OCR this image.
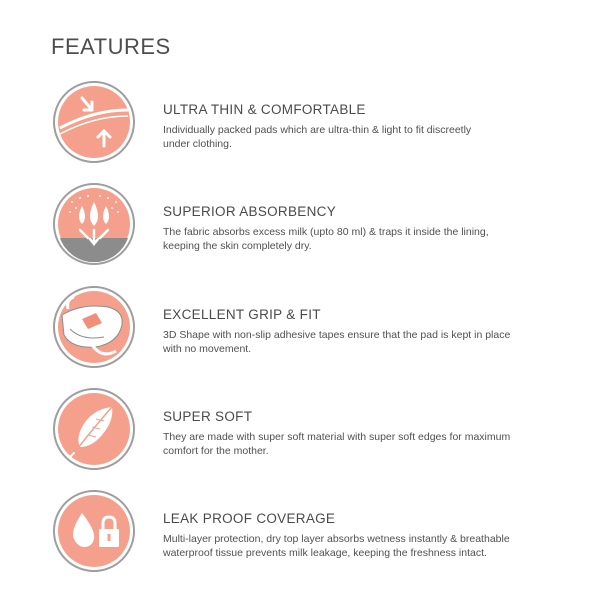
FEATURES
ULTRA THIN & COMFORTABLE
Individually packed pads which are ultra-thin & light to fit discreetly
under clothing.
SUPERIOR ABSORBENCY
The fabric absorbs excess milk (upto 80 ml) & traps it inside the lining,
keeping the skin completely dry.
EXCELLENT GRIP & FIT
3D Shape with non-slip adhesive tapes ensure that the pad is kept in place
with no movement.
SUPER SOFT
They are made with super soft material with super soft edges for maximum
comfort for the mother.
LEAK PROOF COVERAGE
Multi-layer protection, dry top layer absorbs wetness instantly & breathable
waterproof tissue prevents milk leakage, keeping the freshness intact.
